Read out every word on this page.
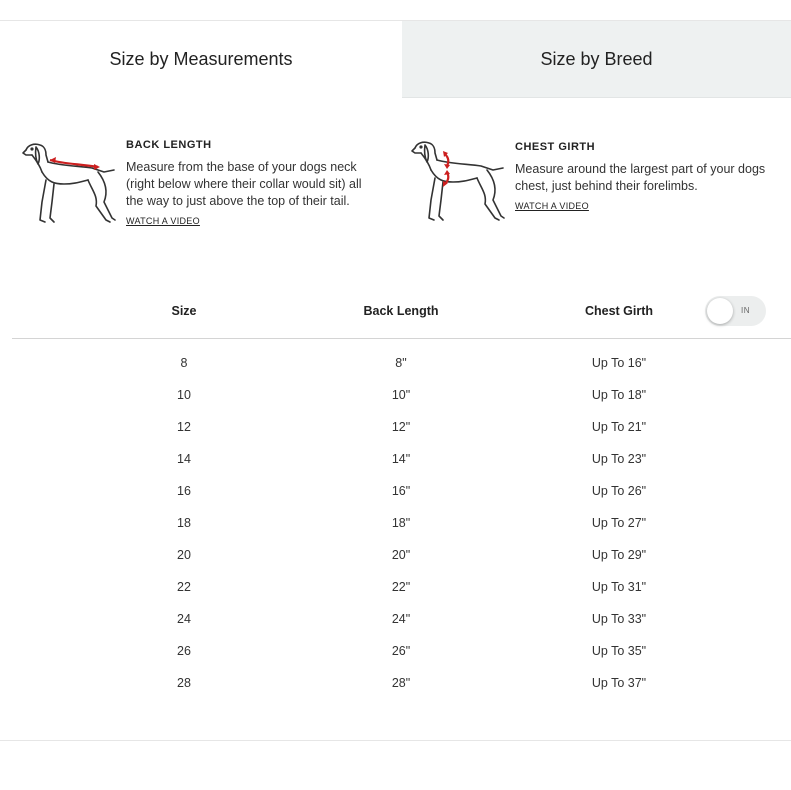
Size by Measurements	Size by Breed
BACK LENGTH
Measure from the base of your dogs neck (right below where their collar would sit) all the way to just above the top of their tail.
WATCH A VIDEO
CHEST GIRTH
Measure around the largest part of your dogs chest, just behind their forelimbs.
WATCH A VIDEO
Size	Back Length	Chest Girth	IN
8	8"	Up To 16"
10	10"	Up To 18"
12	12"	Up To 21"
14	14"	Up To 23"
16	16"	Up To 26"
18	18"	Up To 27"
20	20"	Up To 29"
22	22"	Up To 31"
24	24"	Up To 33"
26	26"	Up To 35"
28	28"	Up To 37"
